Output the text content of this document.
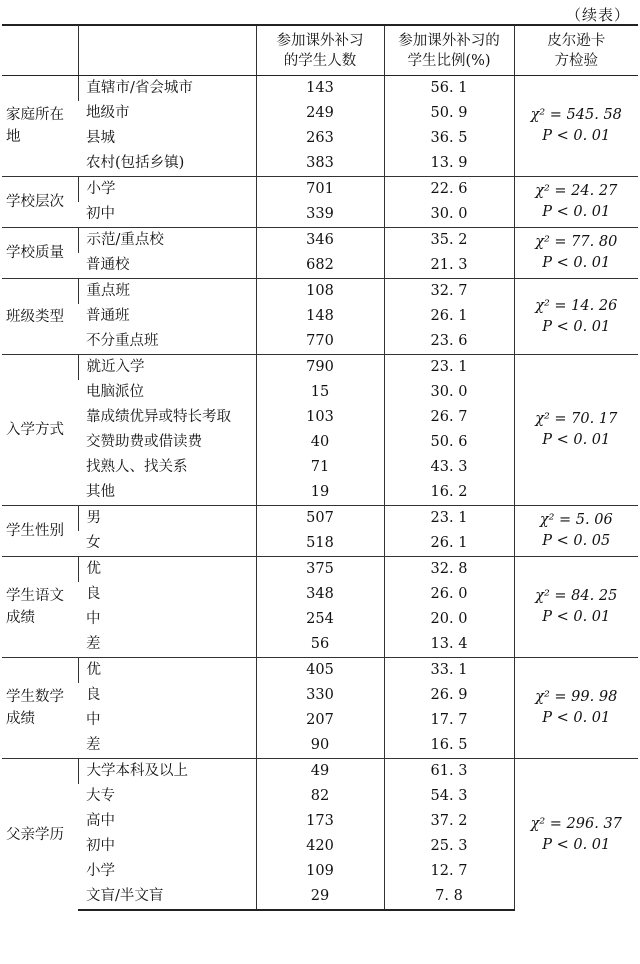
（续表）
		参加课外补习的学生人数	参加课外补习的学生比例(%)	皮尔逊卡方检验
家庭所在地	直辖市/省会城市	143	56. 1	χ² = 545. 58
P < 0. 01

	地级市	249	50. 9	
	县城	263	36. 5	
	农村(包括乡镇)	383	13. 9	
学校层次	小学	701	22. 6	χ² = 24. 27
P < 0. 01

	初中	339	30. 0	
学校质量	示范/重点校	346	35. 2	χ² = 77. 80
P < 0. 01

	普通校	682	21. 3	
班级类型	重点班	108	32. 7	χ² = 14. 26
P < 0. 01

	普通班	148	26. 1	
	不分重点班	770	23. 6	
入学方式	就近入学	790	23. 1	χ² = 70. 17
P < 0. 01

	电脑派位	15	30. 0	
	靠成绩优异或特长考取	103	26. 7	
	交赞助费或借读费	40	50. 6	
	找熟人、找关系	71	43. 3	
	其他	19	16. 2	
学生性别	男	507	23. 1	χ² = 5. 06
P < 0. 05

	女	518	26. 1	
学生语文成绩	优	375	32. 8	χ² = 84. 25
P < 0. 01

	良	348	26. 0	
	中	254	20. 0	
	差	56	13. 4	
学生数学成绩	优	405	33. 1	χ² = 99. 98
P < 0. 01

	良	330	26. 9	
	中	207	17. 7	
	差	90	16. 5	
父亲学历	大学本科及以上	49	61. 3	χ² = 296. 37
P < 0. 01

	大专	82	54. 3	
	高中	173	37. 2	
	初中	420	25. 3	
	小学	109	12. 7	
	文盲/半文盲	29	7. 8	
